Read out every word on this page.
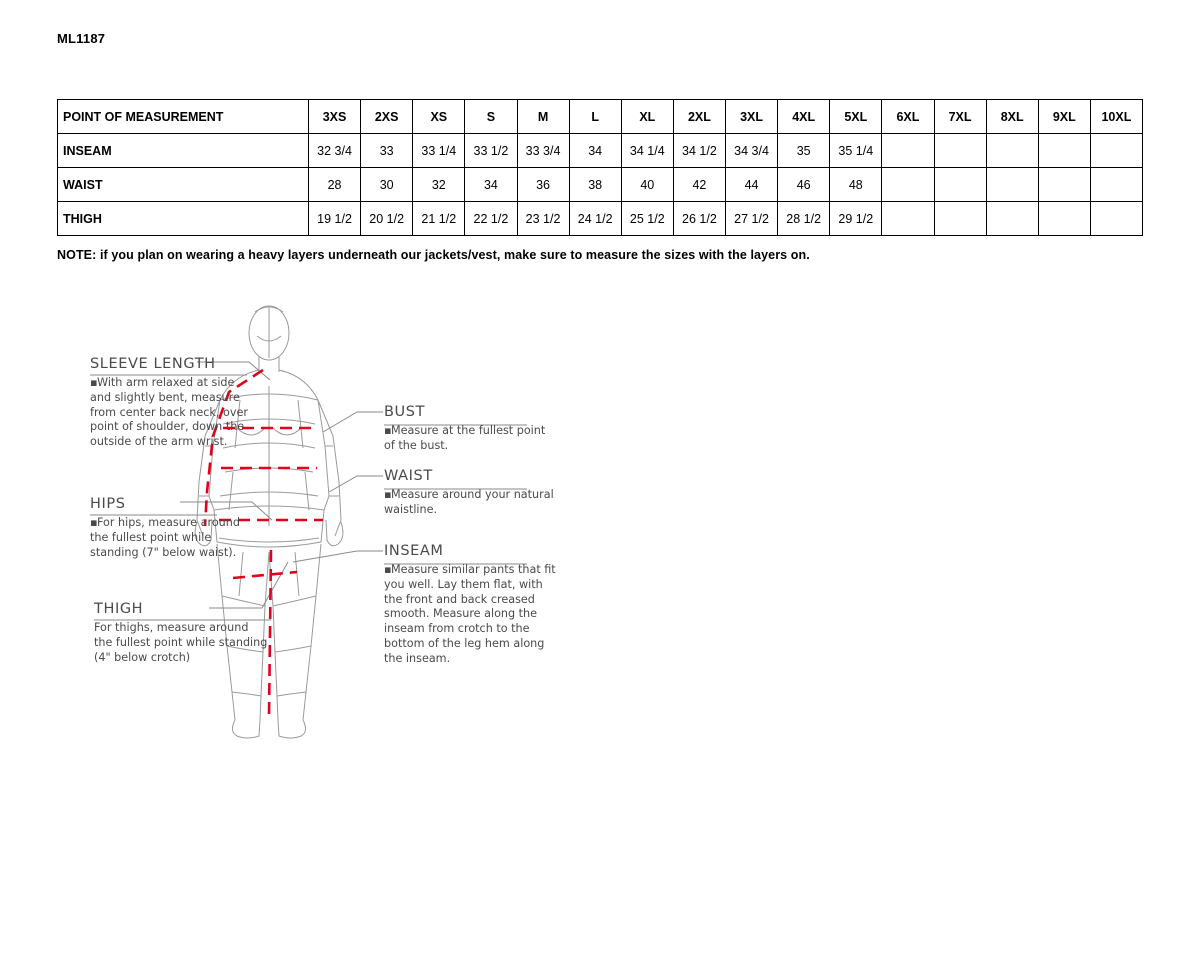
ML1187
POINT OF MEASUREMENT	3XS	2XS	XS	S	M	L	XL	2XL	3XL	4XL	5XL	6XL	7XL	8XL	9XL	10XL
INSEAM	32 3/4	33	33 1/4	33 1/2	33 3/4	34	34 1/4	34 1/2	34 3/4	35	35 1/4					
WAIST	28	30	32	34	36	38	40	42	44	46	48					
THIGH	19 1/2	20 1/2	21 1/2	22 1/2	23 1/2	24 1/2	25 1/2	26 1/2	27 1/2	28 1/2	29 1/2					
NOTE: if you plan on wearing a heavy layers underneath our jackets/vest, make sure to measure the sizes with the layers on.
SLEEVE LENGTH
▪With arm relaxed at side and slightly bent, measure from center back neck, over point of shoulder, down the outside of the arm wrist.
HIPS
▪For hips, measure around the fullest point while standing (7" below waist).
THIGH
For thighs, measure around the fullest point while standing (4" below crotch)
BUST
▪Measure at the fullest point of the bust.
WAIST
▪Measure around your natural waistline.
INSEAM
▪Measure similar pants that fit you well. Lay them flat, with the front and back creased smooth. Measure along the inseam from crotch to the bottom of the leg hem along the inseam.
